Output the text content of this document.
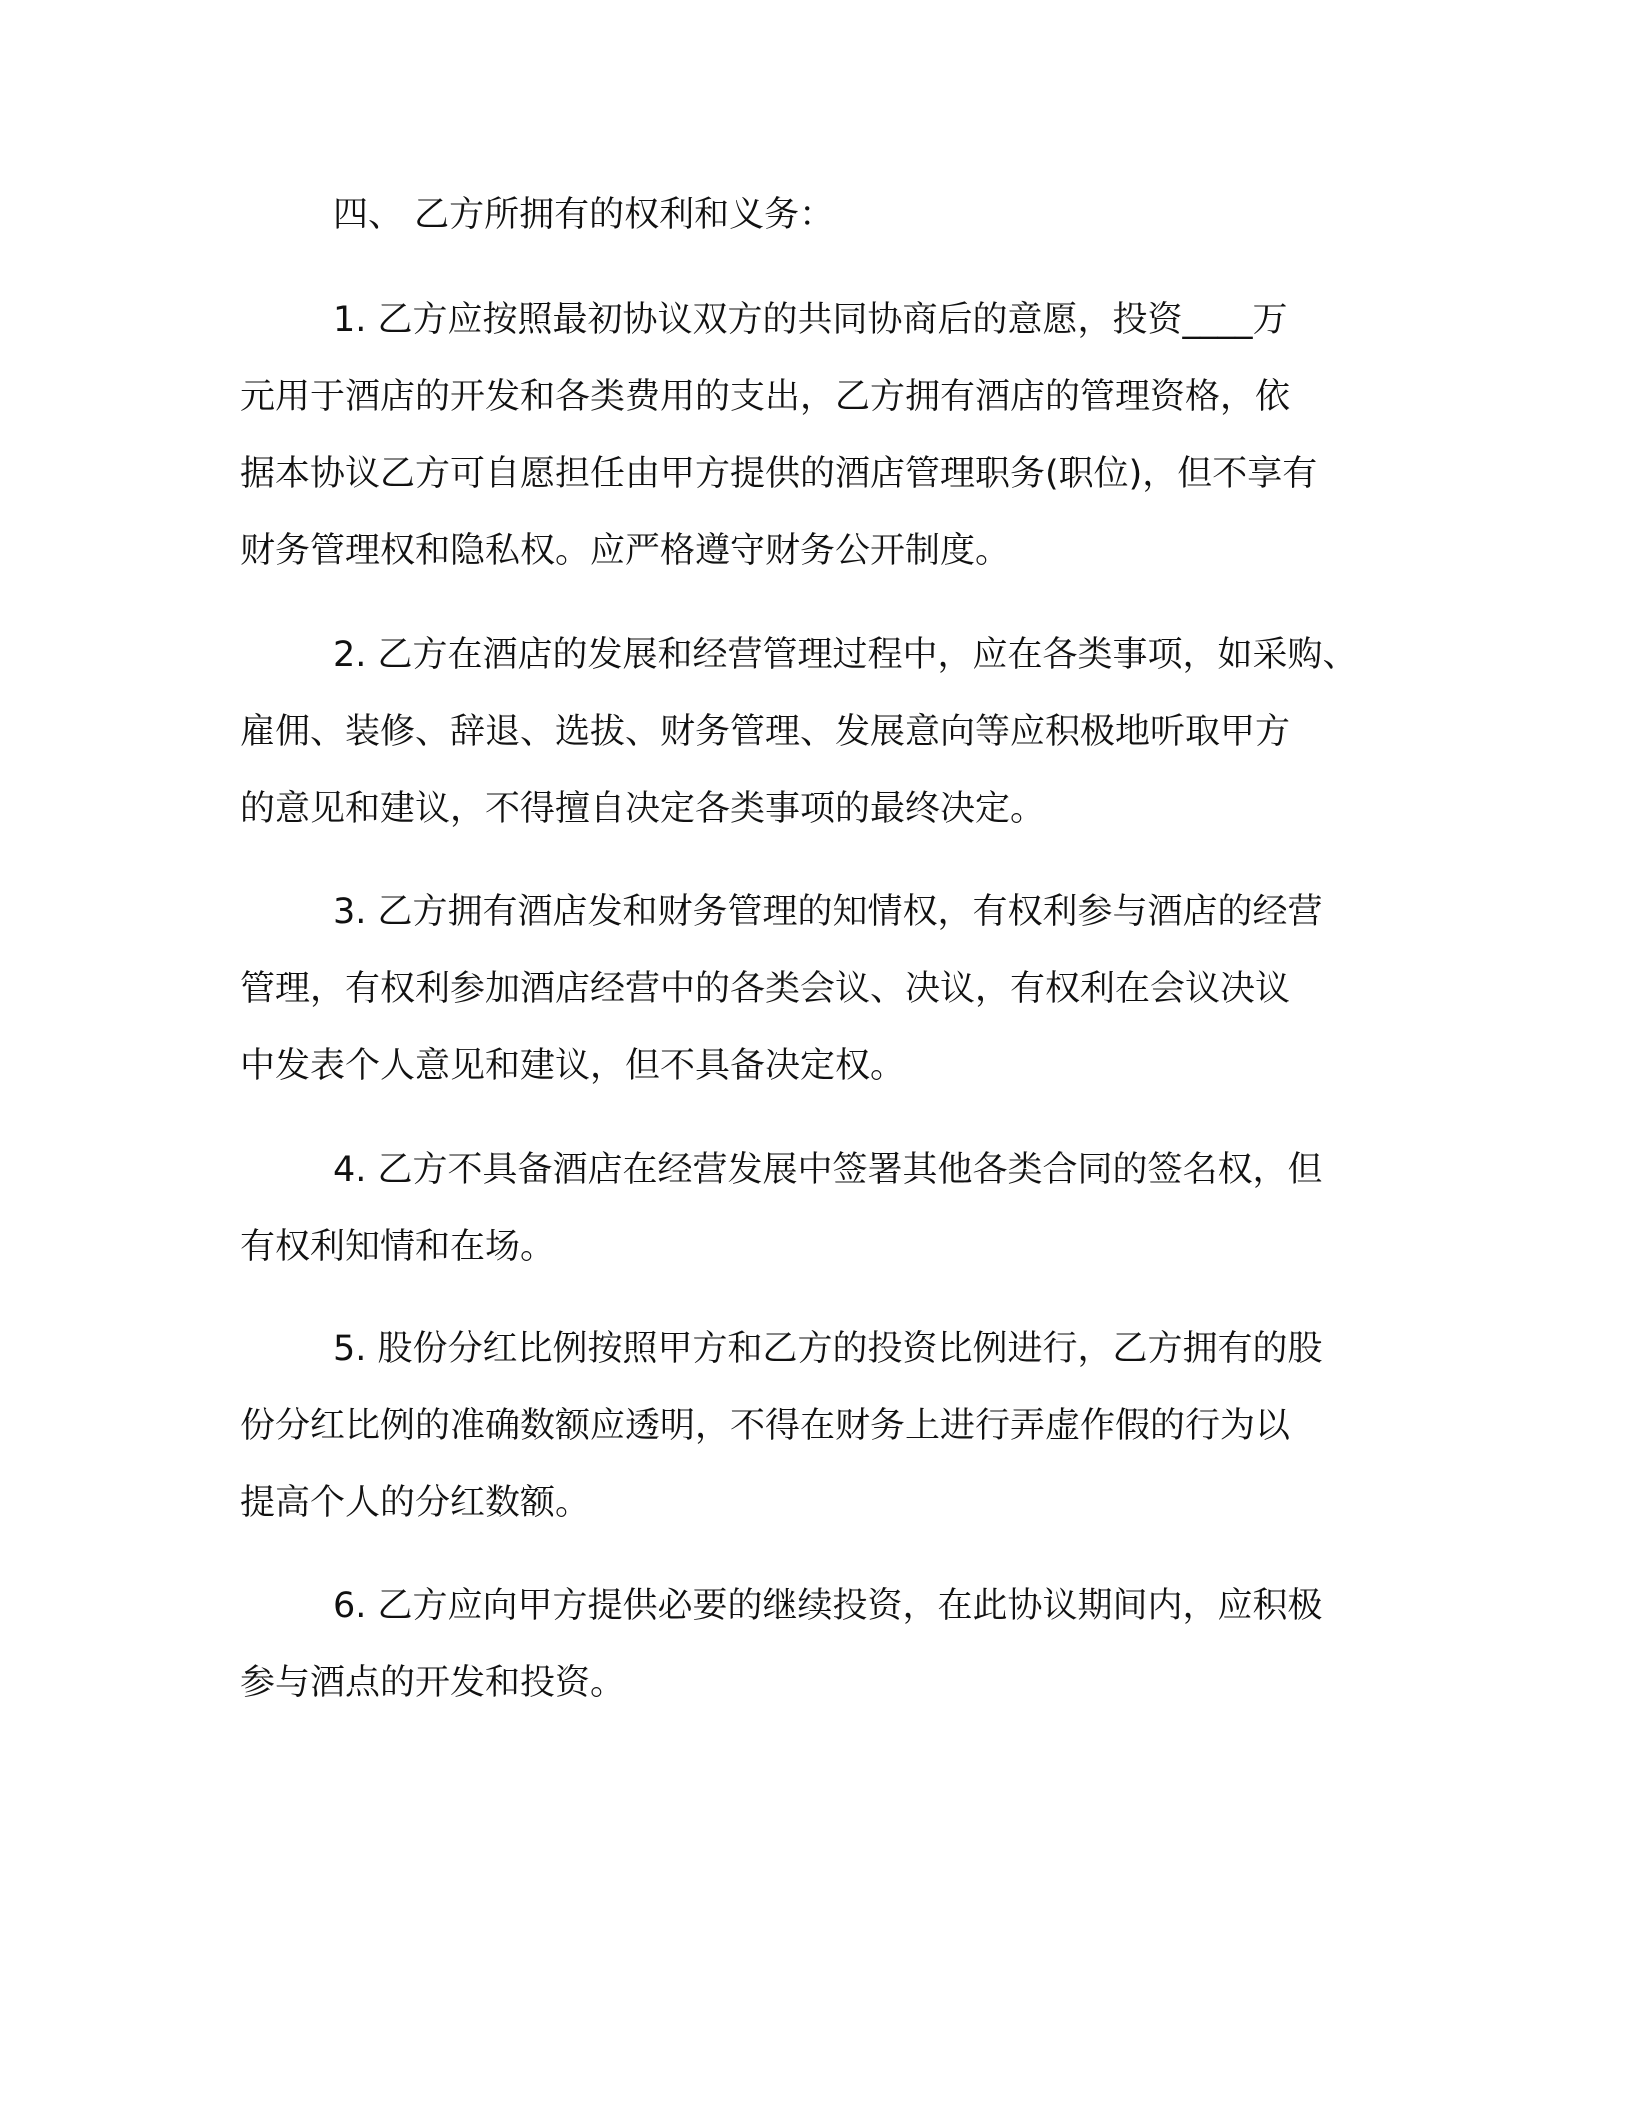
四、 乙方所拥有的权利和义务：
1. 乙方应按照最初协议双方的共同协商后的意愿，投资____万
元用于酒店的开发和各类费用的支出，乙方拥有酒店的管理资格，依
据本协议乙方可自愿担任由甲方提供的酒店管理职务(职位)，但不享有
财务管理权和隐私权。应严格遵守财务公开制度。
2. 乙方在酒店的发展和经营管理过程中，应在各类事项，如采购、
雇佣、装修、辞退、选拔、财务管理、发展意向等应积极地听取甲方
的意见和建议，不得擅自决定各类事项的最终决定。
3. 乙方拥有酒店发和财务管理的知情权，有权利参与酒店的经营
管理，有权利参加酒店经营中的各类会议、决议，有权利在会议决议
中发表个人意见和建议，但不具备决定权。
4. 乙方不具备酒店在经营发展中签署其他各类合同的签名权，但
有权利知情和在场。
5. 股份分红比例按照甲方和乙方的投资比例进行，乙方拥有的股
份分红比例的准确数额应透明，不得在财务上进行弄虚作假的行为以
提高个人的分红数额。
6. 乙方应向甲方提供必要的继续投资，在此协议期间内，应积极
参与酒点的开发和投资。
